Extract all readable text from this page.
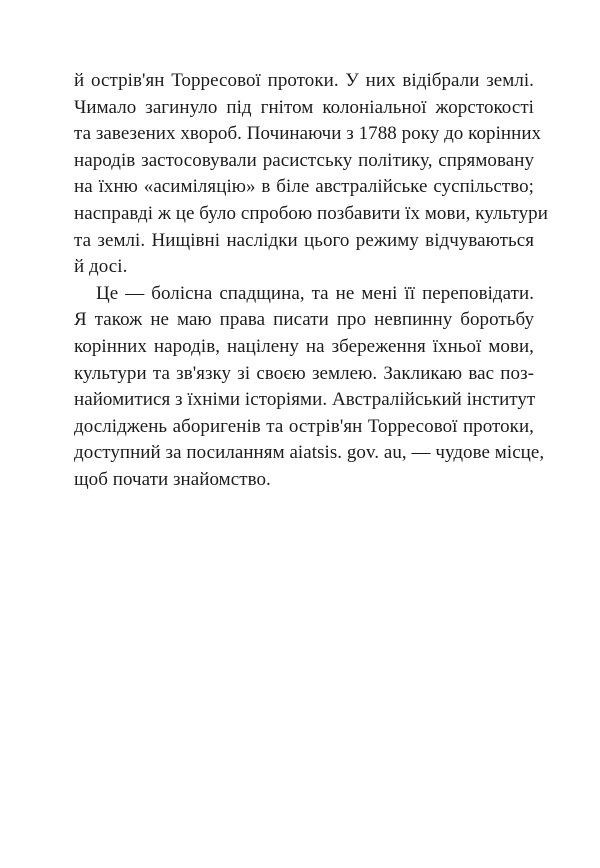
й острів'ян Торресової протоки. У них відібрали землі.
Чимало загинуло під гнітом колоніальної жорстокості
та завезених хвороб. Починаючи з 1788 року до корінних
народів застосовували расистську політику, спрямовану
на їхню «асиміляцію» в біле австралійське суспільство;
насправді ж це було спробою позбавити їх мови, культури
та землі. Нищівні наслідки цього режиму відчуваються
й досі.

Це — болісна спадщина, та не мені її переповідати.
Я також не маю права писати про невпинну боротьбу
корінних народів, націлену на збереження їхньої мови,
культури та зв'язку зі своєю землею. Закликаю вас поз-
найомитися з їхніми історіями. Австралійський інститут
досліджень аборигенів та острів'ян Торресової протоки,
доступний за посиланням aiatsis. gov. au, — чудове місце,
щоб почати знайомство.
